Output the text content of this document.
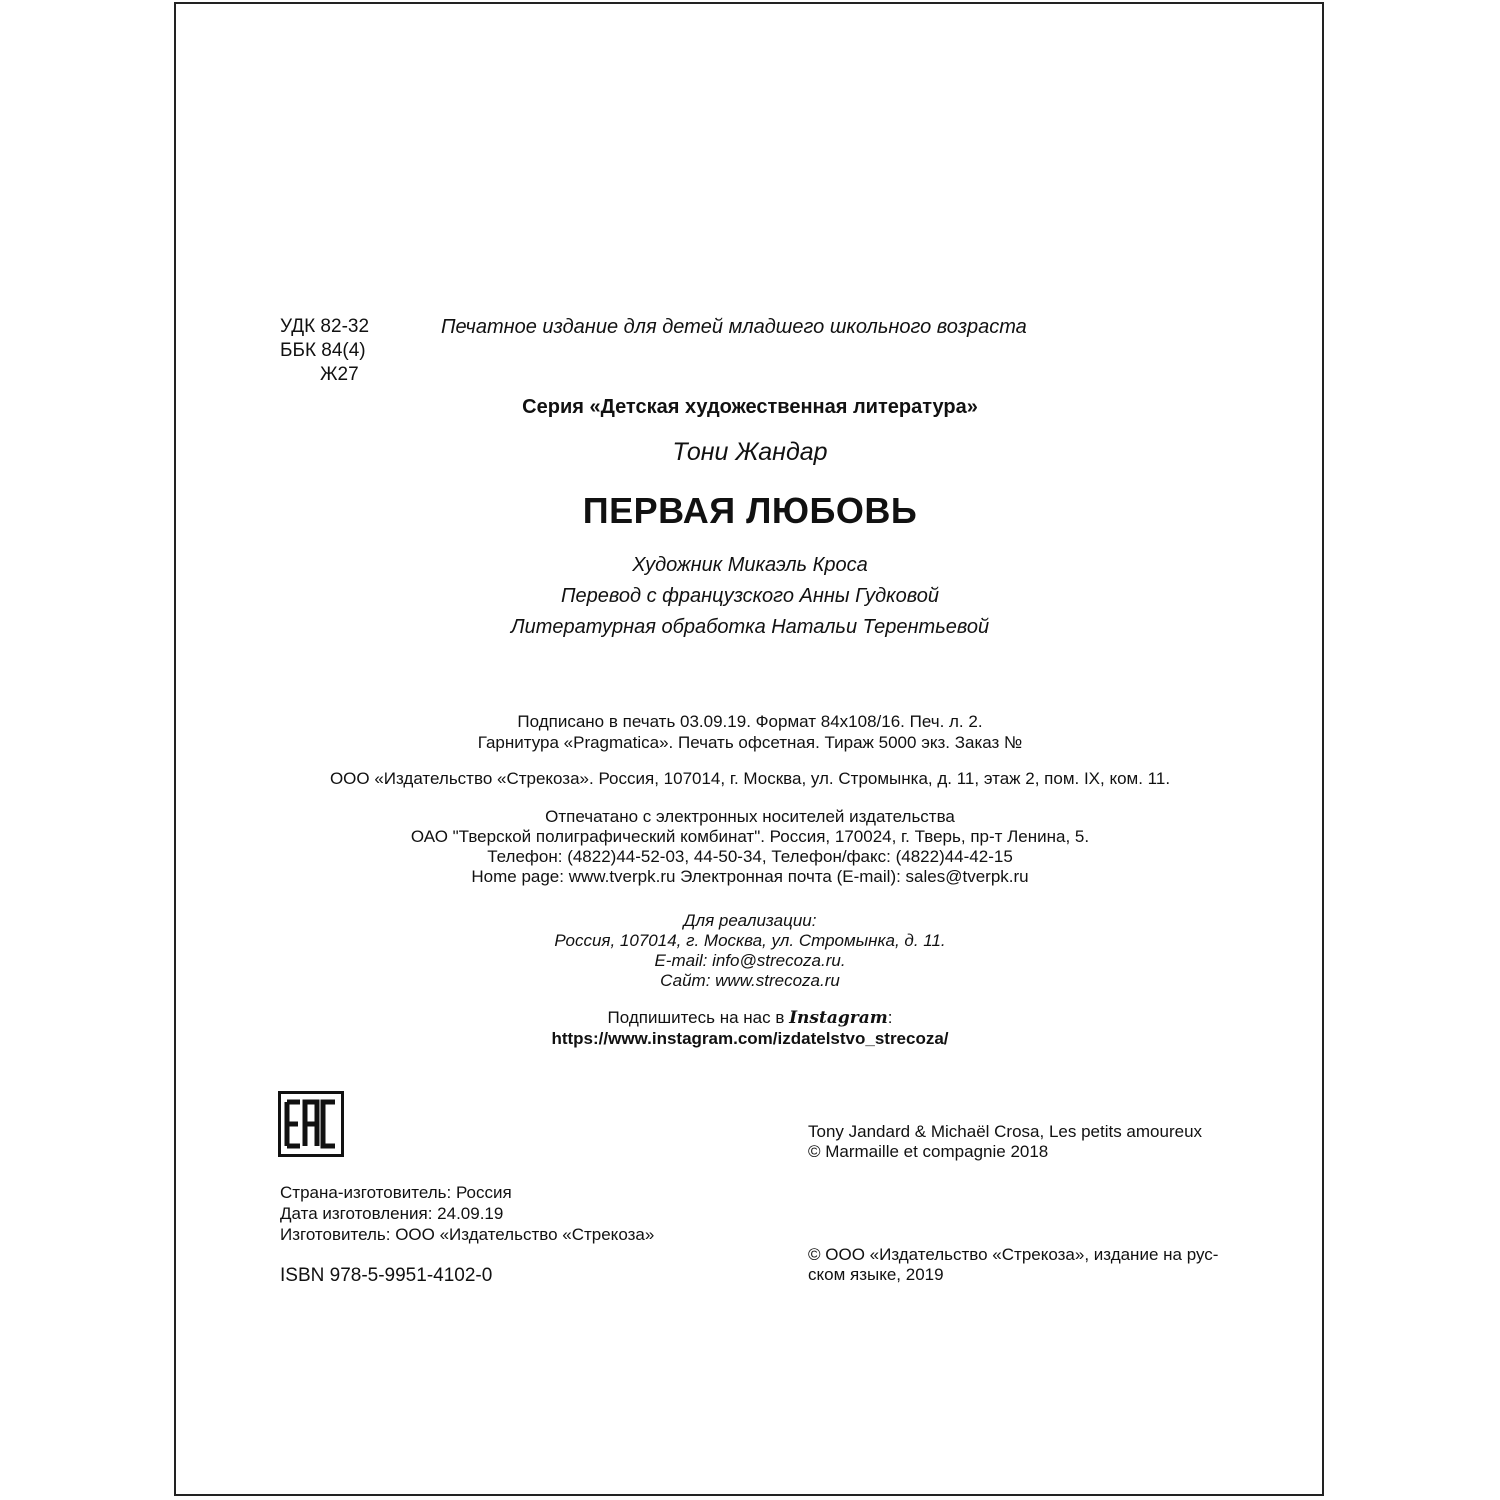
УДК 82-32
ББК 84(4)
Ж27
Печатное издание для детей младшего школьного возраста
Серия «Детская художественная литература»
Тони Жандар
ПЕРВАЯ ЛЮБОВЬ
Художник Микаэль Кроса
Перевод с французского Анны Гудковой
Литературная обработка Натальи Терентьевой
Подписано в печать 03.09.19. Формат 84х108/16. Печ. л. 2.
Гарнитура «Pragmatica». Печать офсетная. Тираж 5000 экз. Заказ №
ООО «Издательство «Стрекоза». Россия, 107014, г. Москва, ул. Стромынка, д. 11, этаж 2, пом. IX, ком. 11.
Отпечатано с электронных носителей издательства
ОАО "Тверской полиграфический комбинат". Россия, 170024, г. Тверь, пр-т Ленина, 5.
Телефон: (4822)44-52-03, 44-50-34, Телефон/факс: (4822)44-42-15
Home page: www.tverpk.ru Электронная почта (E-mail): sales@tverpk.ru
Для реализации:
Россия, 107014, г. Москва, ул. Стромынка, д. 11.
E-mail: info@strecoza.ru.
Сайт: www.strecoza.ru
Подпишитесь на нас в Instagram:
https://www.instagram.com/izdatelstvo_strecoza/
Страна-изготовитель: Россия
Дата изготовления: 24.09.19
Изготовитель: ООО «Издательство «Стрекоза»
ISBN 978-5-9951-4102-0
Tony Jandard & Michaël Crosa, Les petits amoureux
© Marmaille et compagnie 2018
© ООО «Издательство «Стрекоза», издание на рус-
ском языке, 2019
